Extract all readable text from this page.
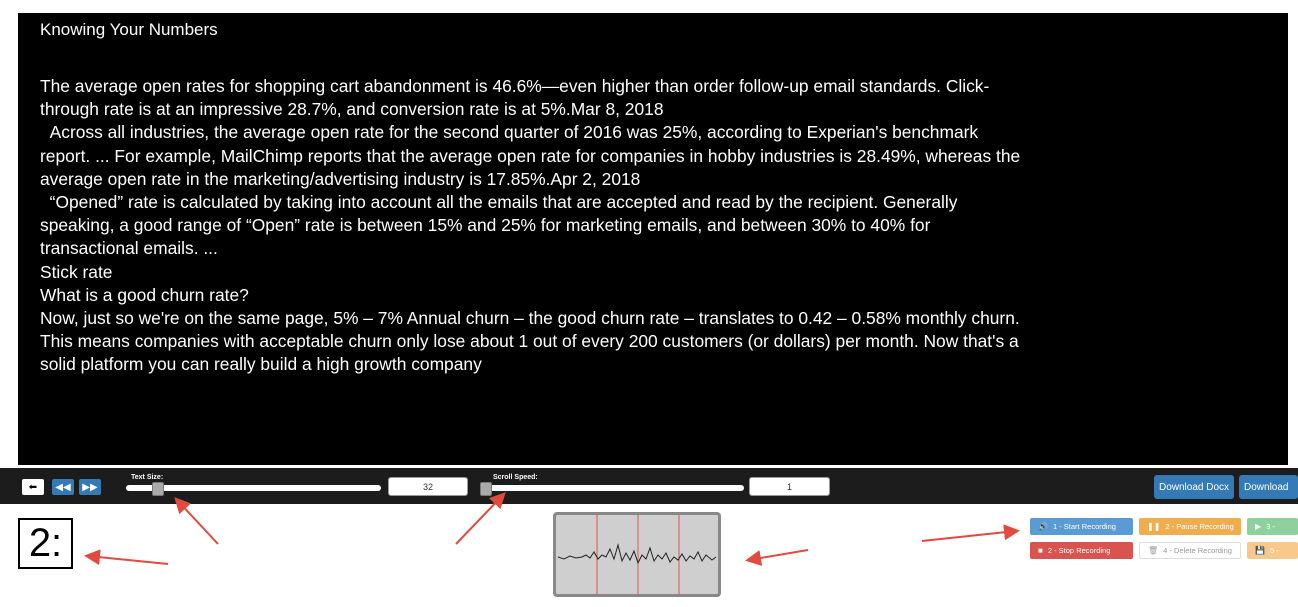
Knowing Your Numbers
The average open rates for shopping cart abandonment is 46.6%—even higher than order follow-up email standards. Click-through rate is at an impressive 28.7%, and conversion rate is at 5%.Mar 8, 2018
Across all industries, the average open rate for the second quarter of 2016 was 25%, according to Experian's benchmark report. ... For example, MailChimp reports that the average open rate for companies in hobby industries is 28.49%, whereas the average open rate in the marketing/advertising industry is 17.85%.Apr 2, 2018
“Opened” rate is calculated by taking into account all the emails that are accepted and read by the recipient. Generally speaking, a good range of “Open” rate is between 15% and 25% for marketing emails, and between 30% to 40% for transactional emails. ...
Stick rate
What is a good churn rate?
Now, just so we're on the same page, 5% – 7% Annual churn – the good churn rate – translates to 0.42 – 0.58% monthly churn. This means companies with acceptable churn only lose about 1 out of every 200 customers (or dollars) per month. Now that's a solid platform you can really build a high growth company
⬅ ◀◀ ▶▶
Text Size:
32
Scroll Speed:
1	Download Docx	Download
2:	🔊 1 - Start Recording	❚❚ 2 - Pause Recording	▶ 3 -
■ 2 - Stop Recording	🗑 4 - Delete Recording	💾 5 -
